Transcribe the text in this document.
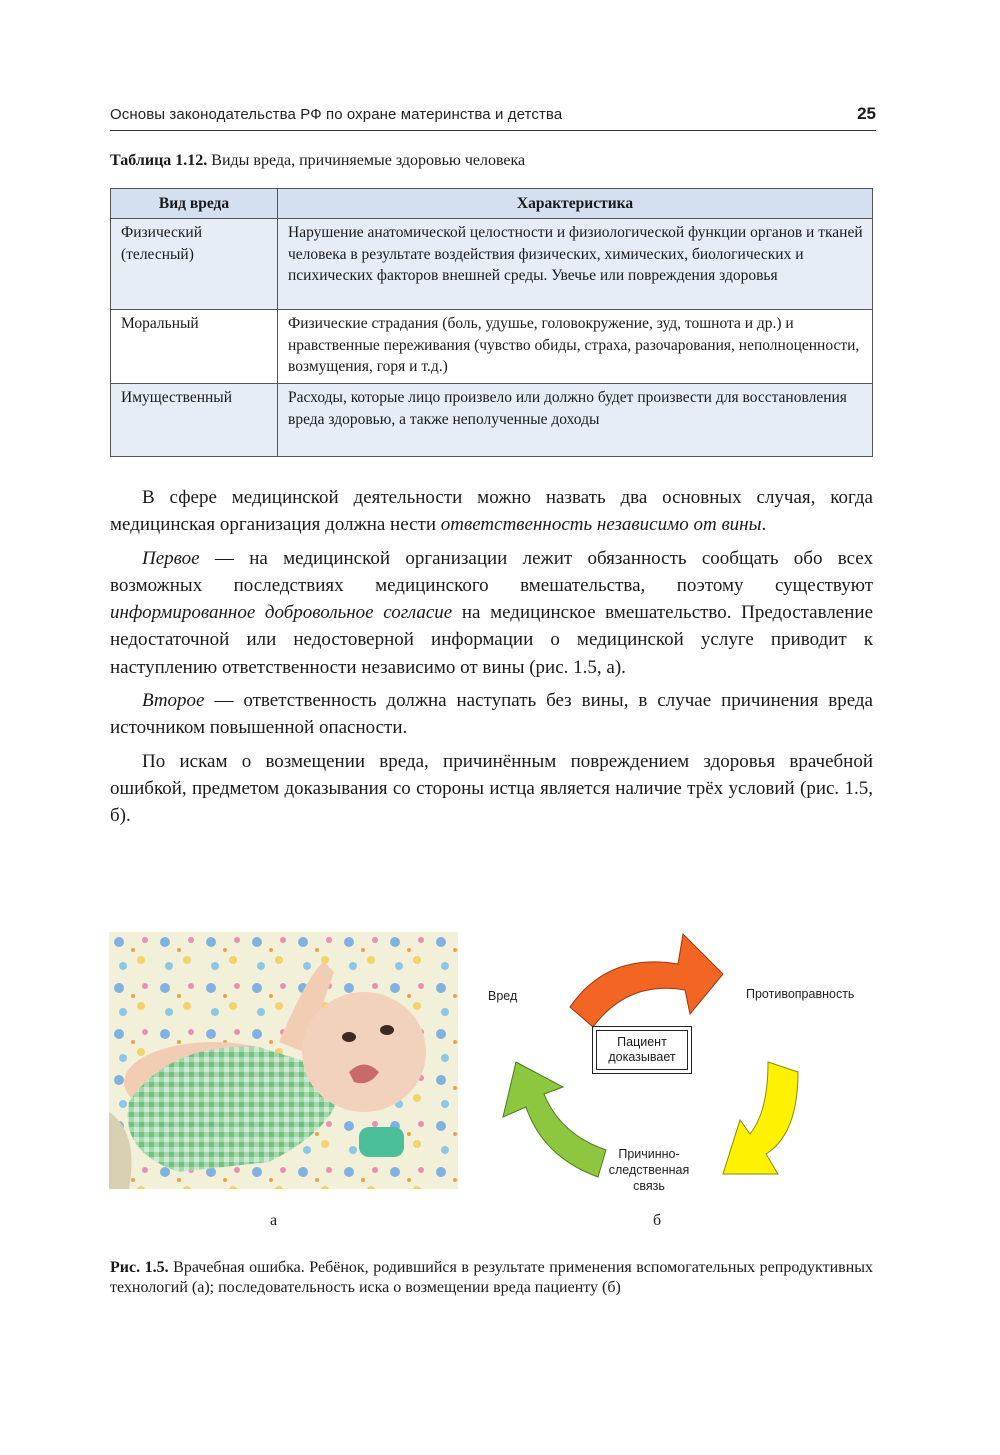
Основы законодательства РФ по охране материнства и детства	25
Таблица 1.12. Виды вреда, причиняемые здоровью человека
Вид вреда	Характеристика
Физический (телесный)	Нарушение анатомической целостности и физиологической функции органов и тканей человека в результате воздействия физических, химических, биологических и психических факторов внешней среды. Увечье или повреждения здоровья
Моральный	Физические страдания (боль, удушье, головокружение, зуд, тошнота и др.) и нравственные переживания (чувство обиды, страха, разочарования, неполноценности, возмущения, горя и т.д.)
Имущественный	Расходы, которые лицо произвело или должно будет произвести для восстановления вреда здоровью, а также неполученные доходы

В сфере медицинской деятельности можно назвать два основных случая, когда медицинская организация должна нести ответственность независимо от вины.

Первое — на медицинской организации лежит обязанность сообщать обо всех возможных последствиях медицинского вмешательства, поэтому существуют информированное добровольное согласие на медицинское вмешательство. Предоставление недостаточной или недостоверной информации о медицинской услуге приводит к наступлению ответственности независимо от вины (рис. 1.5, а).

Второе — ответственность должна наступать без вины, в случае причинения вреда источником повышенной опасности.

По искам о возмещении вреда, причинённым повреждением здоровья врачебной ошибкой, предметом доказывания со стороны истца является наличие трёх условий (рис. 1.5, б).

а
Вред	Противоправность
Пациент
доказывает
Причинно-
следственная
связь
б
Рис. 1.5. Врачебная ошибка. Ребёнок, родившийся в результате применения вспомогательных репродуктивных технологий (а); последовательность иска о возмещении вреда пациенту (б)
